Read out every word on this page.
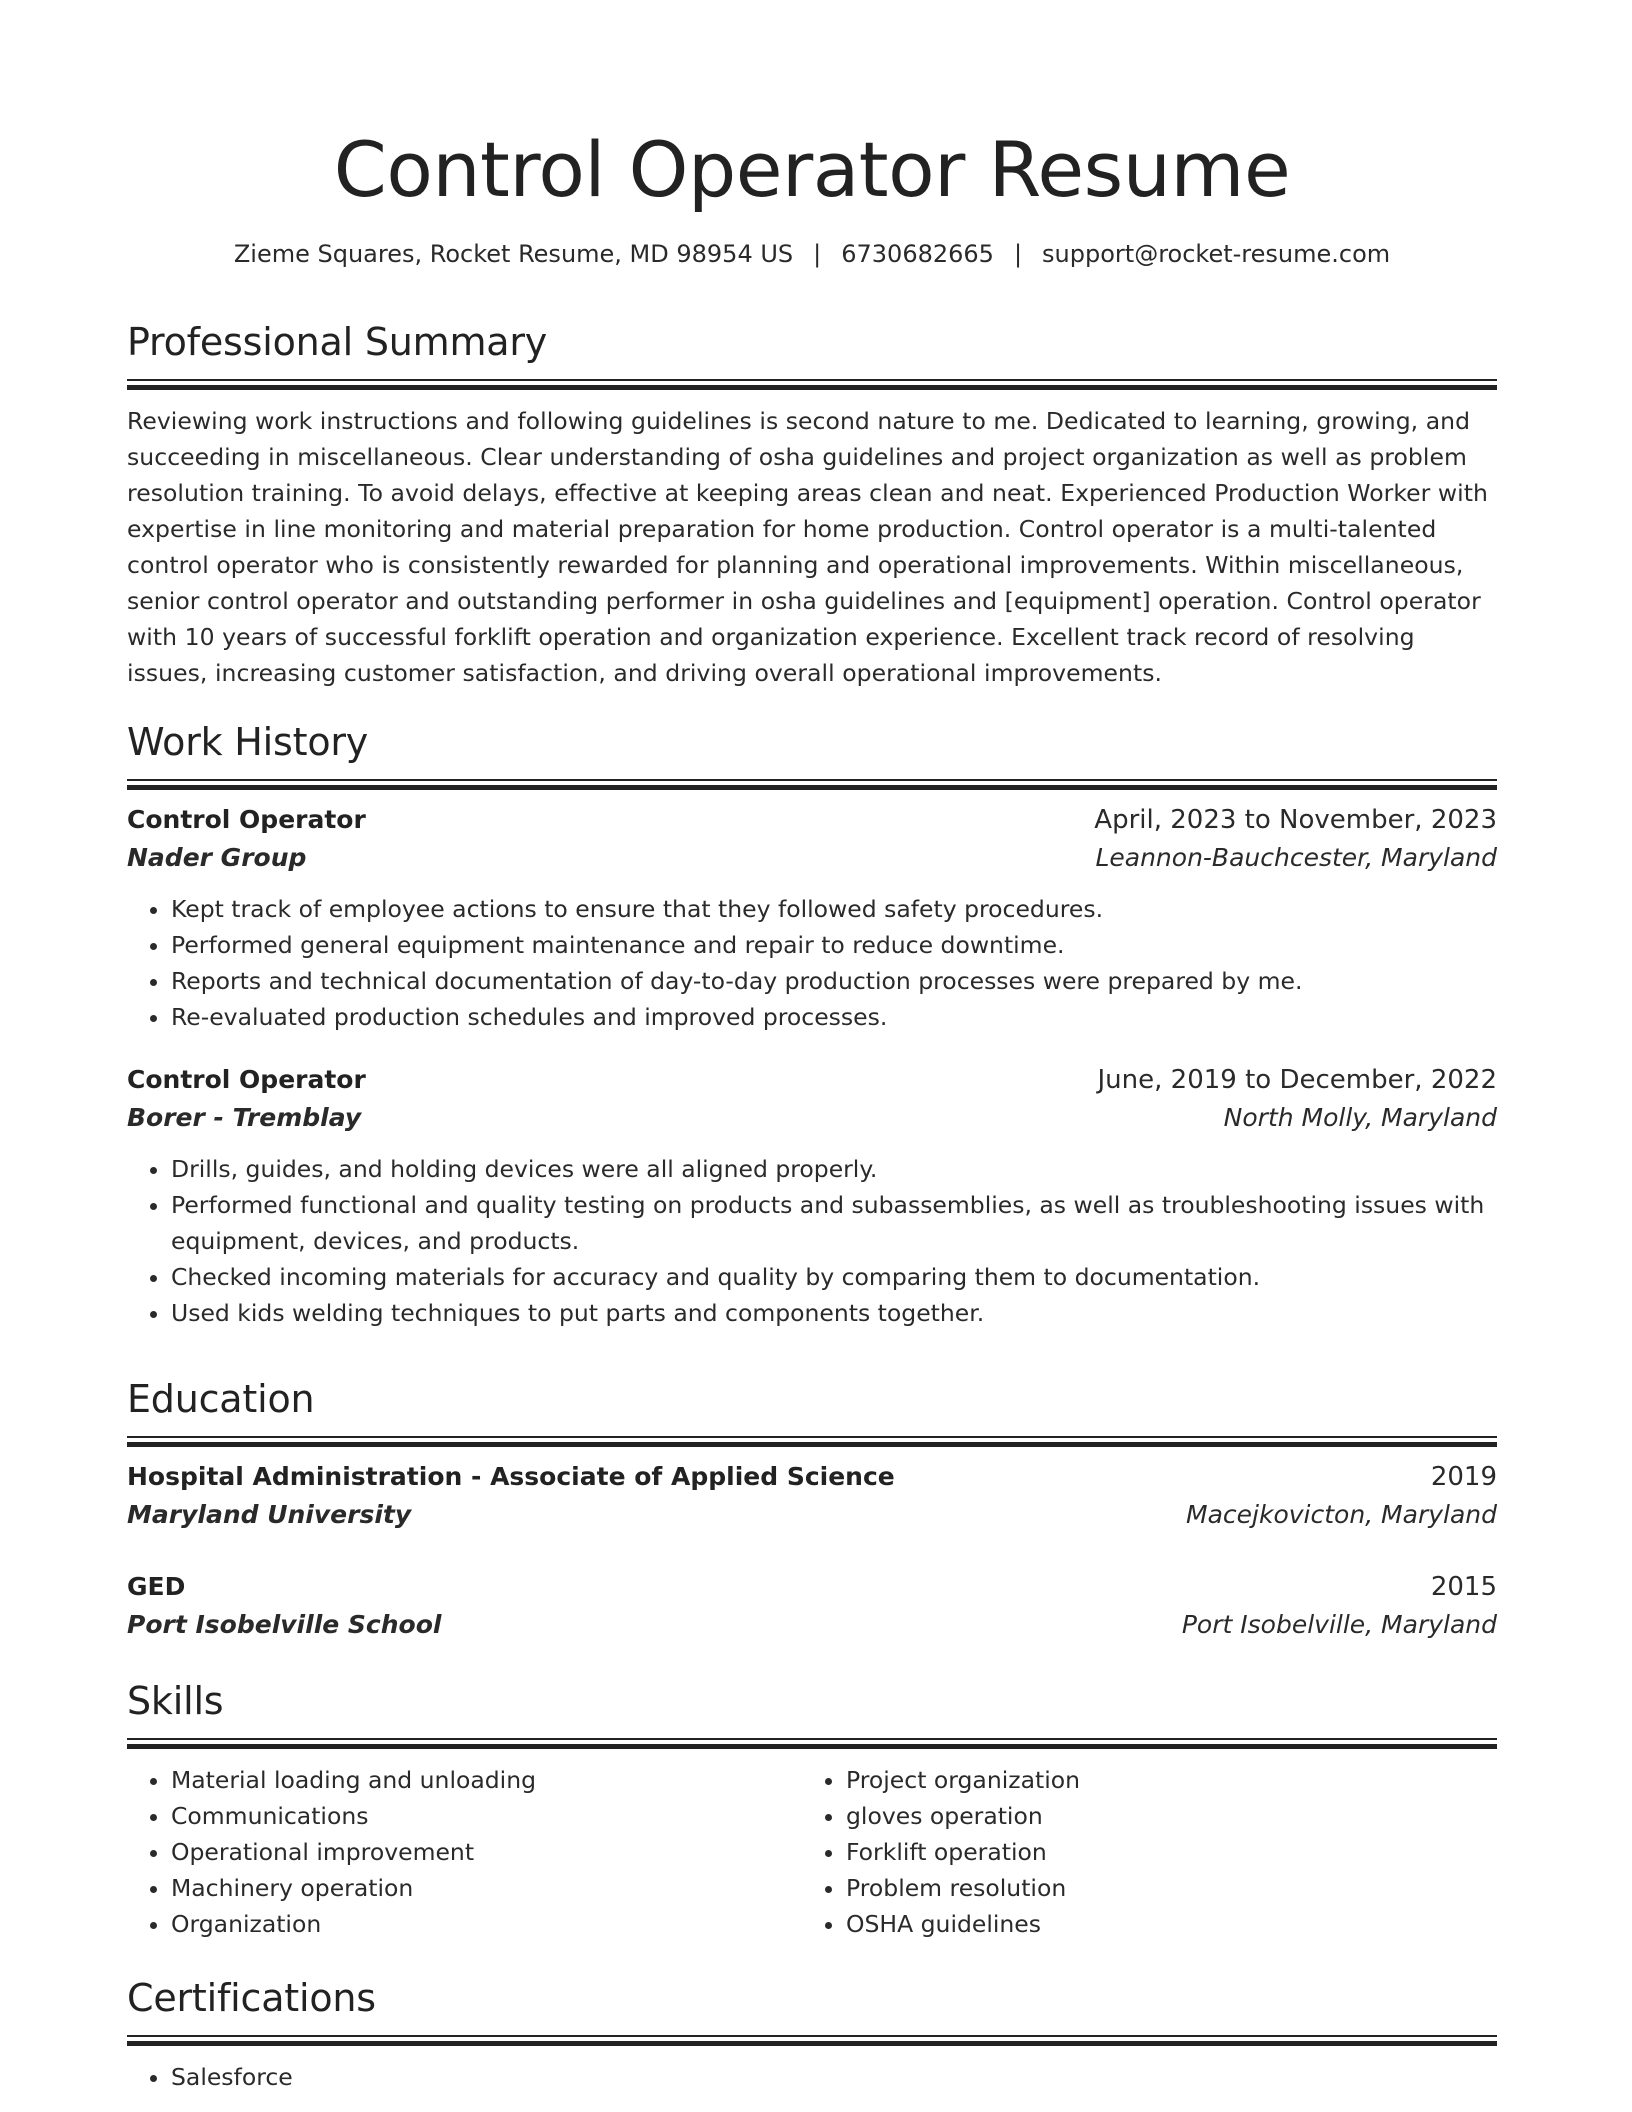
Control Operator Resume
Zieme Squares, Rocket Resume, MD 98954 US | 6730682665 | support@rocket-resume.com
Professional Summary
Reviewing work instructions and following guidelines is second nature to me. Dedicated to learning, growing, and succeeding in miscellaneous. Clear understanding of osha guidelines and project organization as well as problem resolution training. To avoid delays, effective at keeping areas clean and neat. Experienced Production Worker with expertise in line monitoring and material preparation for home production. Control operator is a multi-talented control operator who is consistently rewarded for planning and operational improvements. Within miscellaneous, senior control operator and outstanding performer in osha guidelines and [equipment] operation. Control operator with 10 years of successful forklift operation and organization experience. Excellent track record of resolving issues, increasing customer satisfaction, and driving overall operational improvements.
Work History
Control Operator	April, 2023 to November, 2023
Nader Group	Leannon-Bauchcester, Maryland
• Kept track of employee actions to ensure that they followed safety procedures.
• Performed general equipment maintenance and repair to reduce downtime.
• Reports and technical documentation of day-to-day production processes were prepared by me.
• Re-evaluated production schedules and improved processes.
Control Operator	June, 2019 to December, 2022
Borer - Tremblay	North Molly, Maryland
• Drills, guides, and holding devices were all aligned properly.
• Performed functional and quality testing on products and subassemblies, as well as troubleshooting issues with equipment, devices, and products.
• Checked incoming materials for accuracy and quality by comparing them to documentation.
• Used kids welding techniques to put parts and components together.
Education
Hospital Administration - Associate of Applied Science	2019
Maryland University	Macejkovicton, Maryland
GED	2015
Port Isobelville School	Port Isobelville, Maryland
Skills
• Material loading and unloading
• Communications
• Operational improvement
• Machinery operation
• Organization
• Project organization
• gloves operation
• Forklift operation
• Problem resolution
• OSHA guidelines
Certifications
• Salesforce
